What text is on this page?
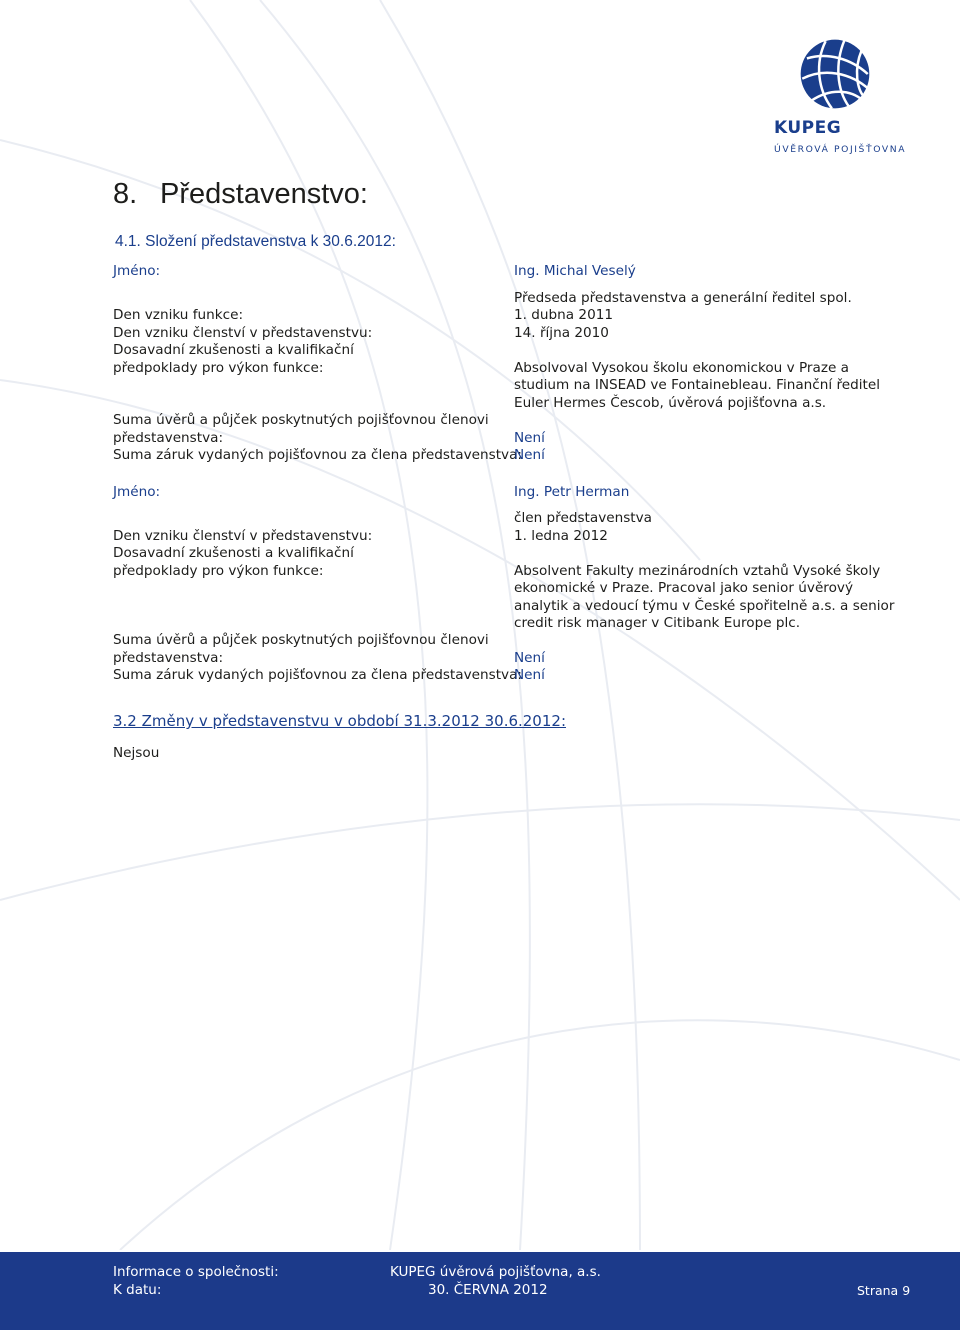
KUPEG
ÚVĚROVÁ POJIŠŤOVNA
8. Představenstvo:
4.1. Složení představenstva k 30.6.2012:
Jméno:
Den vzniku funkce:
Den vzniku členství v představenstvu:
Dosavadní zkušenosti a kvalifikační
předpoklady pro výkon funkce:
Suma úvěrů a půjček poskytnutých pojišťovnou členovi
představenstva:
Suma záruk vydaných pojišťovnou za člena představenstva:
Ing. Michal Veselý
Předseda představenstva a generální ředitel spol.
1. dubna 2011
14. října 2010
Absolvoval Vysokou školu ekonomickou v Praze a
studium na INSEAD ve Fontainebleau. Finanční ředitel
Euler Hermes Čescob, úvěrová pojišťovna a.s.
Není
Není
Jméno:
Den vzniku členství v představenstvu:
Dosavadní zkušenosti a kvalifikační
předpoklady pro výkon funkce:
Suma úvěrů a půjček poskytnutých pojišťovnou členovi
představenstva:
Suma záruk vydaných pojišťovnou za člena představenstva:
Ing. Petr Herman
člen představenstva
1. ledna 2012
Absolvent Fakulty mezinárodních vztahů Vysoké školy
ekonomické v Praze. Pracoval jako senior úvěrový
analytik a vedoucí týmu v České spořitelně a.s. a senior
credit risk manager v Citibank Europe plc.
Není
Není
3.2 Změny v představenstvu v období 31.3.2012 30.6.2012:
Nejsou
Informace o společnosti:
K datu:
KUPEG úvěrová pojišťovna, a.s.
30. ČERVNA 2012	Strana 9
